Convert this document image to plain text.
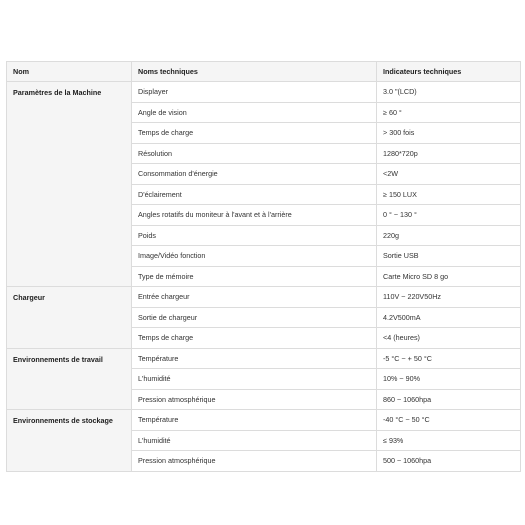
Nom	Noms techniques	Indicateurs techniques
Paramètres de la Machine	Displayer	3.0 "(LCD)
	Angle de vision	≥ 60 °
	Temps de charge	> 300 fois
	Résolution	1280*720p
	Consommation d'énergie	<2W
	D'éclairement	≥ 150 LUX
	Angles rotatifs du moniteur à l'avant et à l'arrière	0 ° ~ 130 °
	Poids	220g
	Image/Vidéo fonction	Sortie USB
	Type de mémoire	Carte Micro SD 8 go
Chargeur	Entrée chargeur	110V ~ 220V50Hz
	Sortie de chargeur	4.2V500mA
	Temps de charge	<4 (heures)
Environnements de travail	Température	-5 °C ~ + 50 °C
	L'humidité	10% ~ 90%
	Pression atmosphérique	860 ~ 1060hpa
Environnements de stockage	Température	-40 °C ~ 50 °C
	L'humidité	≤ 93%
	Pression atmosphérique	500 ~ 1060hpa
